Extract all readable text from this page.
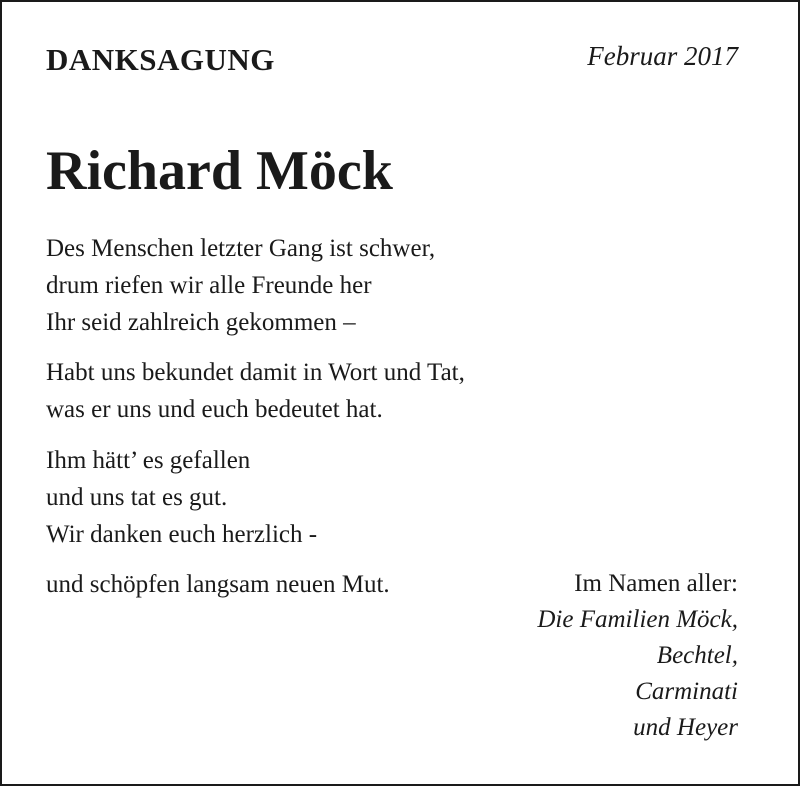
DANKSAGUNG	Februar 2017
Richard Möck

Des Menschen letzter Gang ist schwer,
drum riefen wir alle Freunde her
Ihr seid zahlreich gekommen –

Habt uns bekundet damit in Wort und Tat,
was er uns und euch bedeutet hat.

Ihm hätt’ es gefallen
und uns tat es gut.
Wir danken euch herzlich -

und schöpfen langsam neuen Mut.	Im Namen aller:
Die Familien Möck,
Bechtel,
Carminati
und Heyer
